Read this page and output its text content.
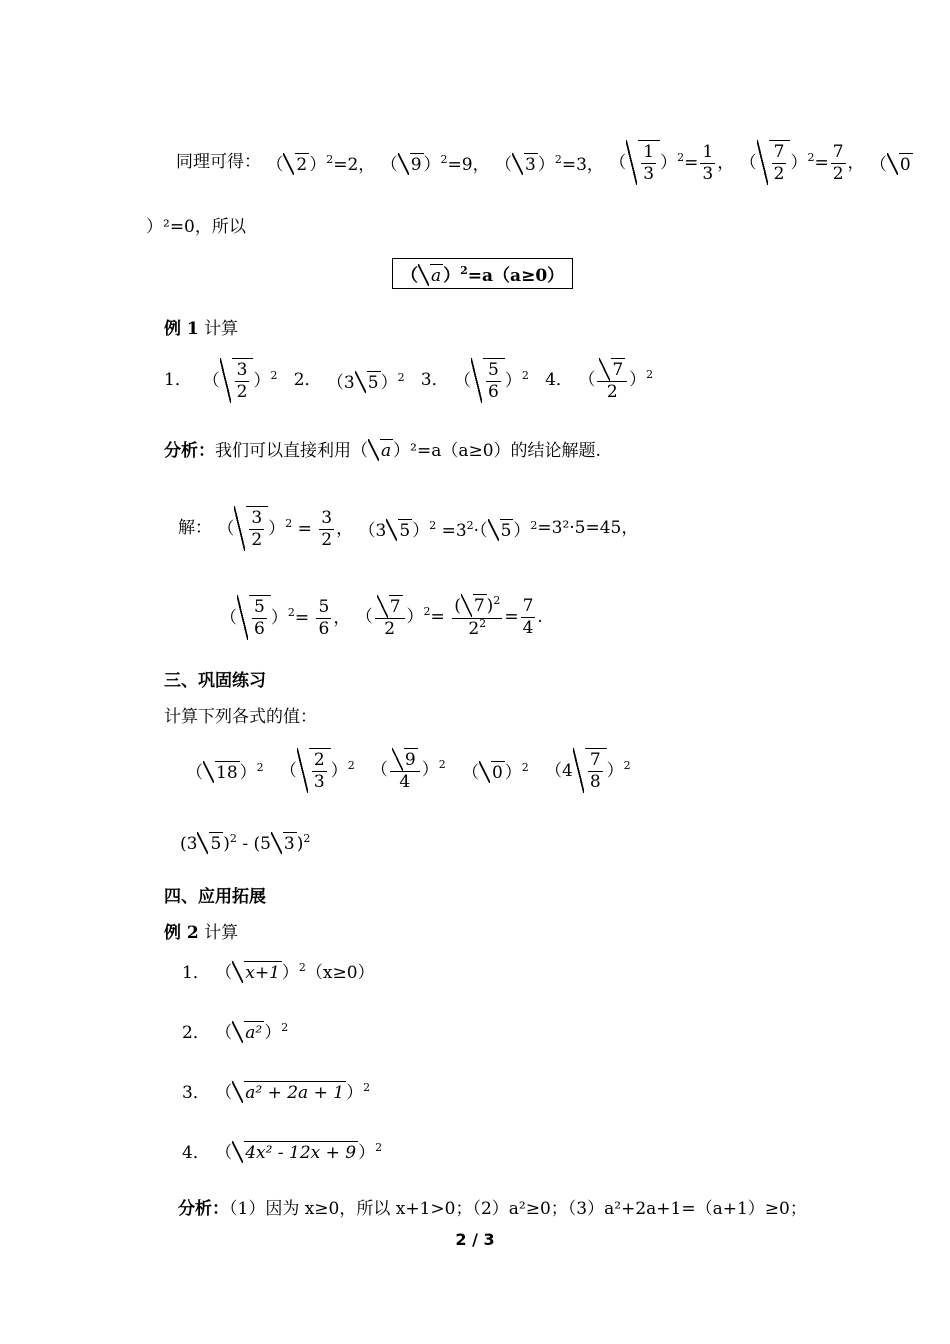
同理可得： （ 2 ）$^2$=2， （ 9 ）$^2$=9， （ 3 ）$^2$=3， （ $\frac{1}{3} )^2= \frac{1}{3}$ ， （ $\frac{7}{2} )^2= \frac{7}{2}$ ， （ 0
）²=0，所以
（ a ）$^2$=a（a≥0）
例 1 计算
1．  （ $\frac{3}{2} )^2$ 2． （3 5 ）$^2$ 3． （ $\frac{5}{6} )^2$ 4． （ $\frac{7}{2} )^2$
分析：我们可以直接利用（ a ）²=a（a≥0）的结论解题.
解： （ $\frac{3}{2} )^2 = \frac{3}{2}$ ， （3 5 ）$^2 =3^2\cdot$（ 5 ）$^2$=3²·5=45，
（ $\frac{5}{6} )^2= \frac{5}{6}$ ， （ $\frac{7}{2} )^2= \frac{( 7 )^2}{2^2} = \frac{7}{4}$ .
三、巩固练习
计算下列各式的值：
（ 18 ）$^2$ （ $\frac{2}{3} )^2$ （ $\frac{9}{4} )^2$ （ 0 ）$^2$ $(4 \frac{7}{8} )^2$
(3 5 )$^2$ - (5 3 )$^2$
四、应用拓展
例 2 计算
1． （ x+1 ）$^2$（x≥0）
2． （ a² ）$^2$
3． （ a² + 2a + 1 ）$^2$
4． （ 4x² - 12x + 9 ）$^2$
分析：（1）因为 x≥0，所以 x+1>0；（2）a²≥0；（3）a²+2a+1=（a+1）≥0；
2 / 3
